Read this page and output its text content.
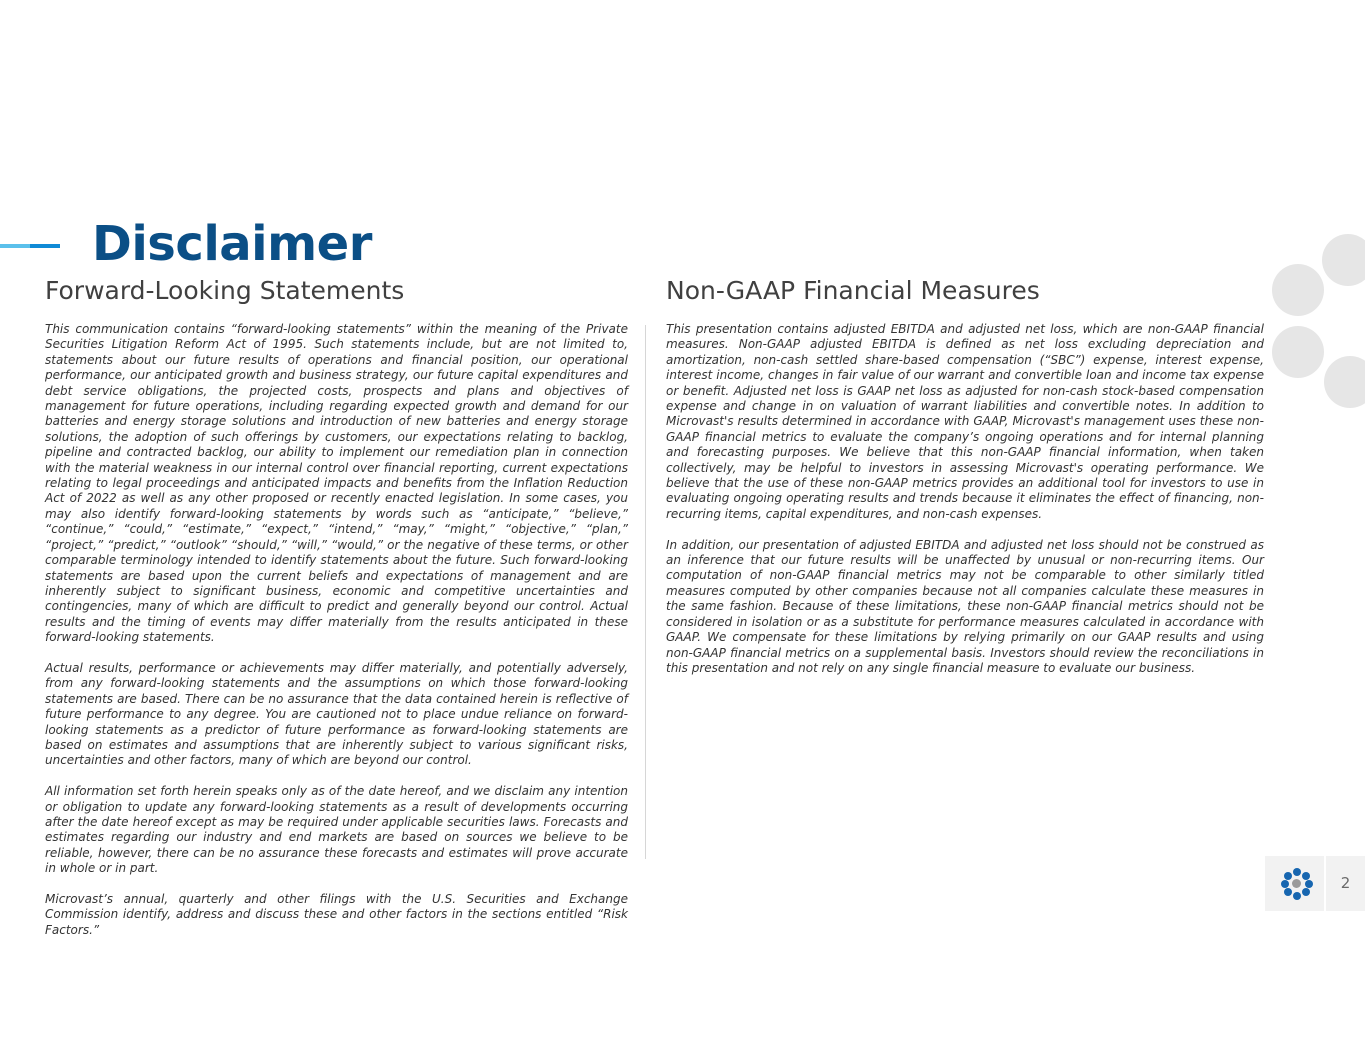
Disclaimer
Forward-Looking Statements

This communication contains “forward-looking statements” within the meaning of the Private Securities Litigation Reform Act of 1995. Such statements include, but are not limited to, statements about our future results of operations and financial position, our operational performance, our anticipated growth and business strategy, our future capital expenditures and debt service obligations, the projected costs, prospects and plans and objectives of management for future operations, including regarding expected growth and demand for our batteries and energy storage solutions and introduction of new batteries and energy storage solutions, the adoption of such offerings by customers, our expectations relating to backlog, pipeline and contracted backlog, our ability to implement our remediation plan in connection with the material weakness in our internal control over financial reporting, current expectations relating to legal proceedings and anticipated impacts and benefits from the Inflation Reduction Act of 2022 as well as any other proposed or recently enacted legislation. In some cases, you may also identify forward-looking statements by words such as “anticipate,” “believe,” “continue,” “could,” “estimate,” “expect,” “intend,” “may,” “might,” “objective,” “plan,” “project,” “predict,” “outlook” “should,” “will,” “would,” or the negative of these terms, or other comparable terminology intended to identify statements about the future. Such forward-looking statements are based upon the current beliefs and expectations of management and are inherently subject to significant business, economic and competitive uncertainties and contingencies, many of which are difficult to predict and generally beyond our control. Actual results and the timing of events may differ materially from the results anticipated in these forward-looking statements.

Actual results, performance or achievements may differ materially, and potentially adversely, from any forward-looking statements and the assumptions on which those forward-looking statements are based. There can be no assurance that the data contained herein is reflective of future performance to any degree. You are cautioned not to place undue reliance on forward-looking statements as a predictor of future performance as forward-looking statements are based on estimates and assumptions that are inherently subject to various significant risks, uncertainties and other factors, many of which are beyond our control.

All information set forth herein speaks only as of the date hereof, and we disclaim any intention or obligation to update any forward-looking statements as a result of developments occurring after the date hereof except as may be required under applicable securities laws. Forecasts and estimates regarding our industry and end markets are based on sources we believe to be reliable, however, there can be no assurance these forecasts and estimates will prove accurate in whole or in part.

Microvast’s annual, quarterly and other filings with the U.S. Securities and Exchange Commission identify, address and discuss these and other factors in the sections entitled “Risk Factors.”

Non-GAAP Financial Measures

This presentation contains adjusted EBITDA and adjusted net loss, which are non-GAAP financial measures. Non-GAAP adjusted EBITDA is defined as net loss excluding depreciation and amortization, non-cash settled share-based compensation (“SBC”) expense, interest expense, interest income, changes in fair value of our warrant and convertible loan and income tax expense or benefit. Adjusted net loss is GAAP net loss as adjusted for non-cash stock-based compensation expense and change in on valuation of warrant liabilities and convertible notes. In addition to Microvast's results determined in accordance with GAAP, Microvast's management uses these non-GAAP financial metrics to evaluate the company’s ongoing operations and for internal planning and forecasting purposes. We believe that this non-GAAP financial information, when taken collectively, may be helpful to investors in assessing Microvast's operating performance. We believe that the use of these non-GAAP metrics provides an additional tool for investors to use in evaluating ongoing operating results and trends because it eliminates the effect of financing, non-recurring items, capital expenditures, and non-cash expenses.

In addition, our presentation of adjusted EBITDA and adjusted net loss should not be construed as an inference that our future results will be unaffected by unusual or non-recurring items. Our computation of non-GAAP financial metrics may not be comparable to other similarly titled measures computed by other companies because not all companies calculate these measures in the same fashion. Because of these limitations, these non-GAAP financial metrics should not be considered in isolation or as a substitute for performance measures calculated in accordance with GAAP. We compensate for these limitations by relying primarily on our GAAP results and using non-GAAP financial metrics on a supplemental basis. Investors should review the reconciliations in this presentation and not rely on any single financial measure to evaluate our business.

2
